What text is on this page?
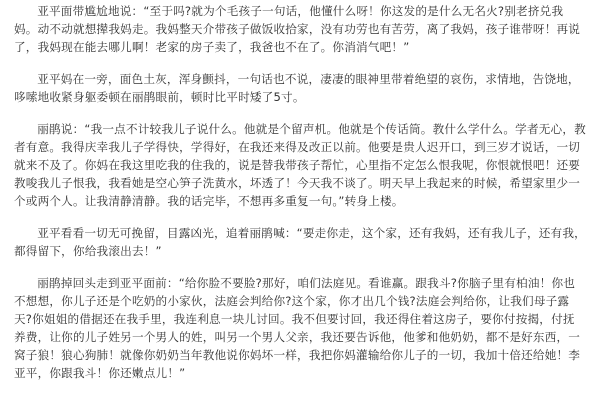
亚平面带尴尬地说：“至于吗?就为个毛孩子一句话，他懂什么呀！你这发的是什么无名火?别老挤兑我妈。动不动就想撵我妈走。我妈整天介带孩子做饭收拾家，没有功劳也有苦劳，离了我妈，孩子谁带呀！再说了，我妈现在能去哪儿啊！老家的房子卖了，我爸也不在了。你消消气吧！”

亚平妈在一旁，面色土灰，浑身颤抖，一句话也不说，凄凄的眼神里带着绝望的哀伤，求情地，告饶地，哆嗦地收紧身躯委顿在丽鹃眼前，顿时比平时矮了5寸。

丽鹃说：“我一点不计较我儿子说什么。他就是个留声机。他就是个传话筒。教什么学什么。学者无心，教者有意。我得庆幸我儿子学得快，学得好，在我还来得及改正以前。他要是贵人迟开口，到三岁才说话，一切就来不及了。你妈在我这里吃我的住我的，说是替我带孩子帮忙，心里指不定怎么恨我呢，你恨就恨吧！还要教唆我儿子恨我，我看她是空心笋子洗黄水，坏透了！今天我不谈了。明天早上我起来的时候，希望家里少一个或两个人。让我清静清静。我的话完毕，不想再多重复一句。”转身上楼。

亚平看看一切无可挽留，目露凶光，追着丽鹃喊：“要走你走，这个家，还有我妈，还有我儿子，还有我，都得留下，你给我滚出去！”

丽鹃掉回头走到亚平面前：“给你脸不要脸?那好，咱们法庭见。看谁赢。跟我斗?你脑子里有柏油！你也不想想，你儿子还是个吃奶的小家伙，法庭会判给你?这个家，你才出几个钱?法庭会判给你，让我们母子露天?你姐姐的借据还在我手里，我连利息一块儿讨回。我不但要讨回，我还得住着这房子，要你付按揭，付抚养费，让你的儿子姓另一个男人的姓，叫另一个男人父亲，我还要告诉他，他爹和他奶奶，都不是好东西，一窝子狼！狼心狗肺！就像你奶奶当年教他说你妈坏一样，我把你妈灌输给你儿子的一切，我加十倍还给她！李亚平，你跟我斗！你还嫩点儿！”
